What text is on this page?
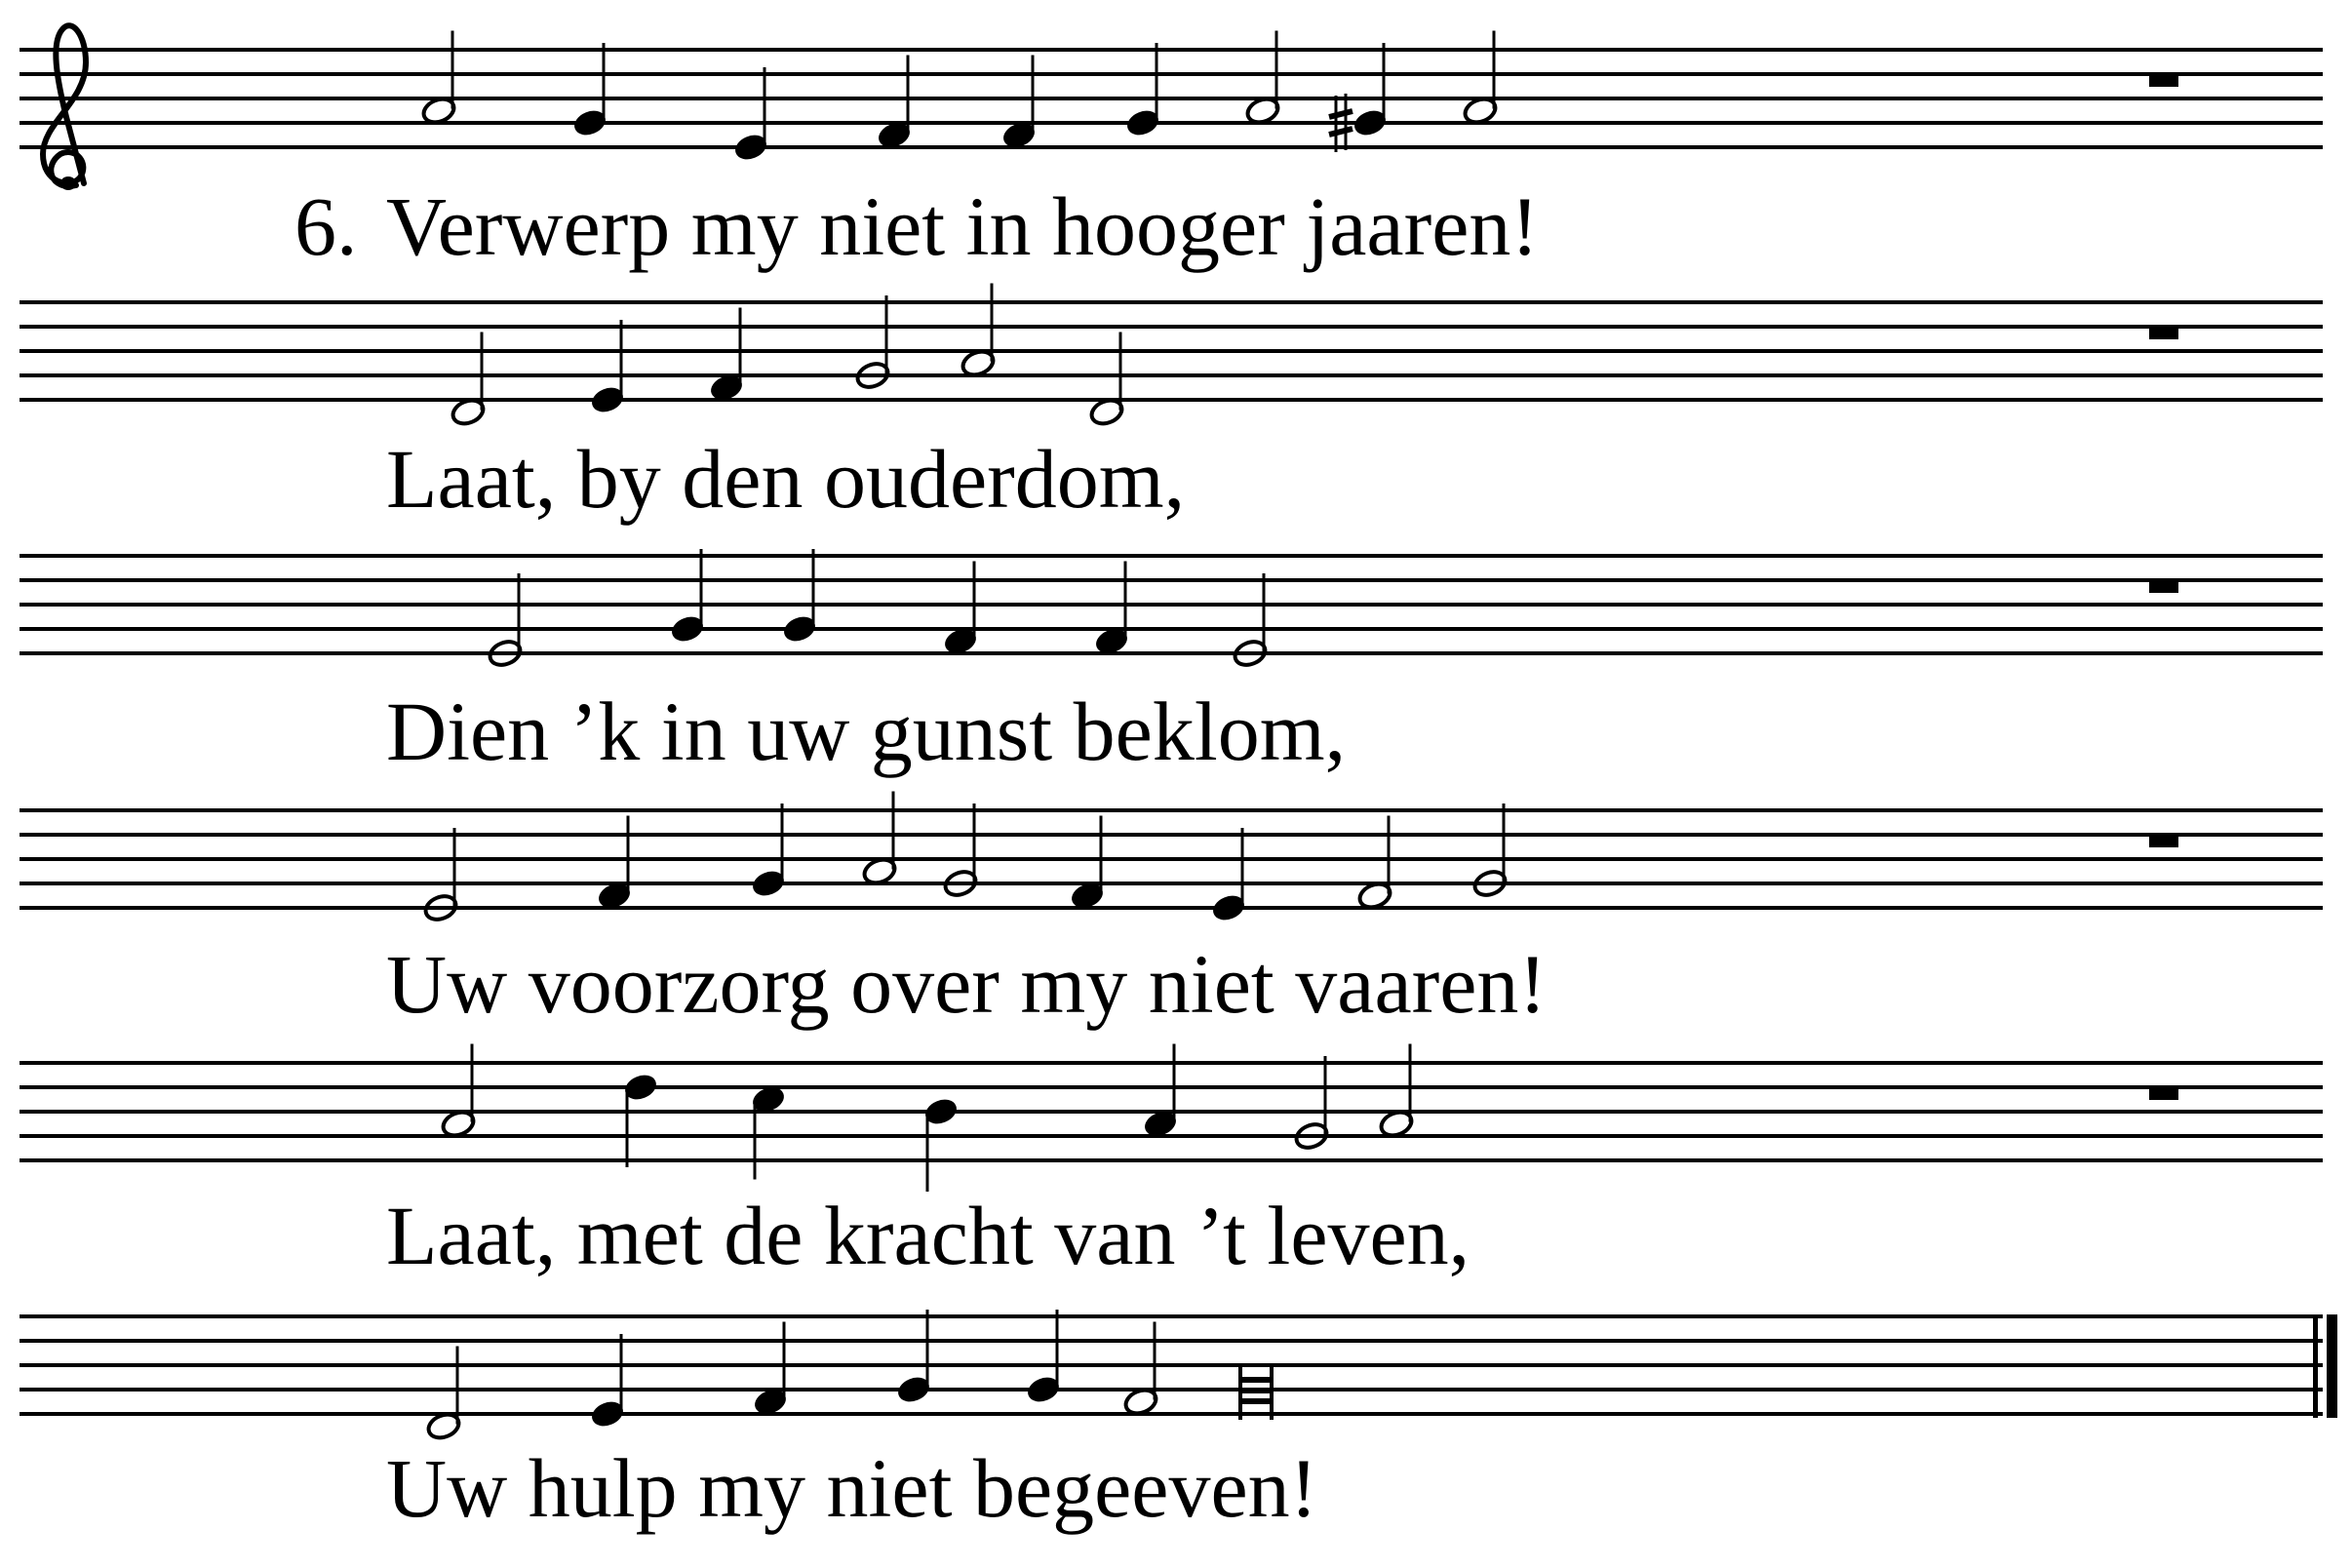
6. Verwerp my niet in hooger jaaren!
Laat, by den ouderdom,
Dien ’k in uw gunst beklom,
Uw voorzorg over my niet vaaren!
Laat, met de kracht van ’t leven,
Uw hulp my niet begeeven!
